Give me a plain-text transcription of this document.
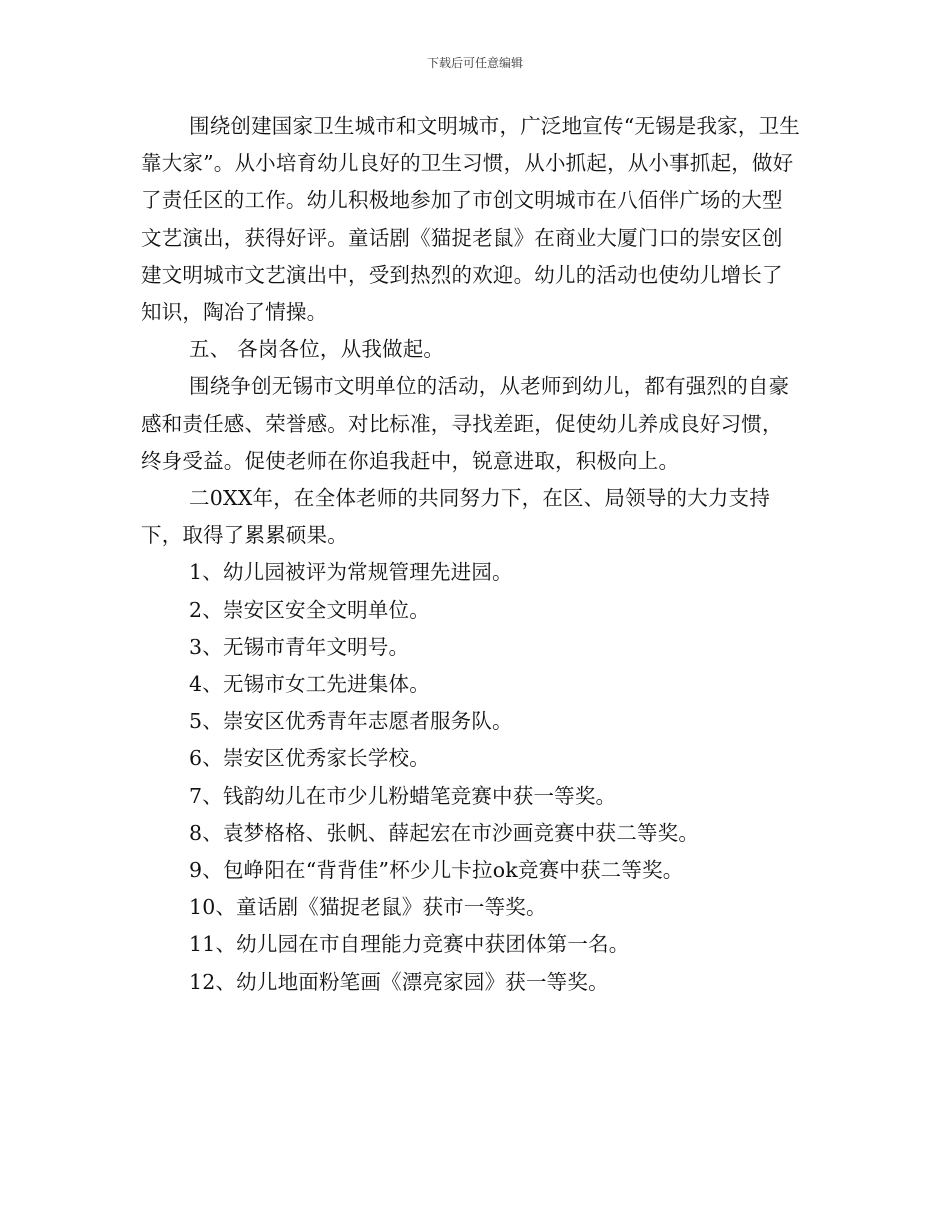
下载后可任意编辑

围绕创建国家卫生城市和文明城市，广泛地宣传“无锡是我家，卫生靠大家”。从小培育幼儿良好的卫生习惯，从小抓起，从小事抓起，做好了责任区的工作。幼儿积极地参加了市创文明城市在八佰伴广场的大型文艺演出，获得好评。童话剧《猫捉老鼠》在商业大厦门口的崇安区创建文明城市文艺演出中，受到热烈的欢迎。幼儿的活动也使幼儿增长了知识，陶冶了情操。

五、 各岗各位，从我做起。

围绕争创无锡市文明单位的活动，从老师到幼儿，都有强烈的自豪感和责任感、荣誉感。对比标准，寻找差距，促使幼儿养成良好习惯，终身受益。促使老师在你追我赶中，锐意进取，积极向上。

二0XX年，在全体老师的共同努力下，在区、局领导的大力支持下，取得了累累硕果。

1、幼儿园被评为常规管理先进园。

2、崇安区安全文明单位。

3、无锡市青年文明号。

4、无锡市女工先进集体。

5、崇安区优秀青年志愿者服务队。

6、崇安区优秀家长学校。

7、钱韵幼儿在市少儿粉蜡笔竞赛中获一等奖。

8、袁梦格格、张帆、薛起宏在市沙画竞赛中获二等奖。

9、包峥阳在“背背佳”杯少儿卡拉ok竞赛中获二等奖。

10、童话剧《猫捉老鼠》获市一等奖。

11、幼儿园在市自理能力竞赛中获团体第一名。

12、幼儿地面粉笔画《漂亮家园》获一等奖。
